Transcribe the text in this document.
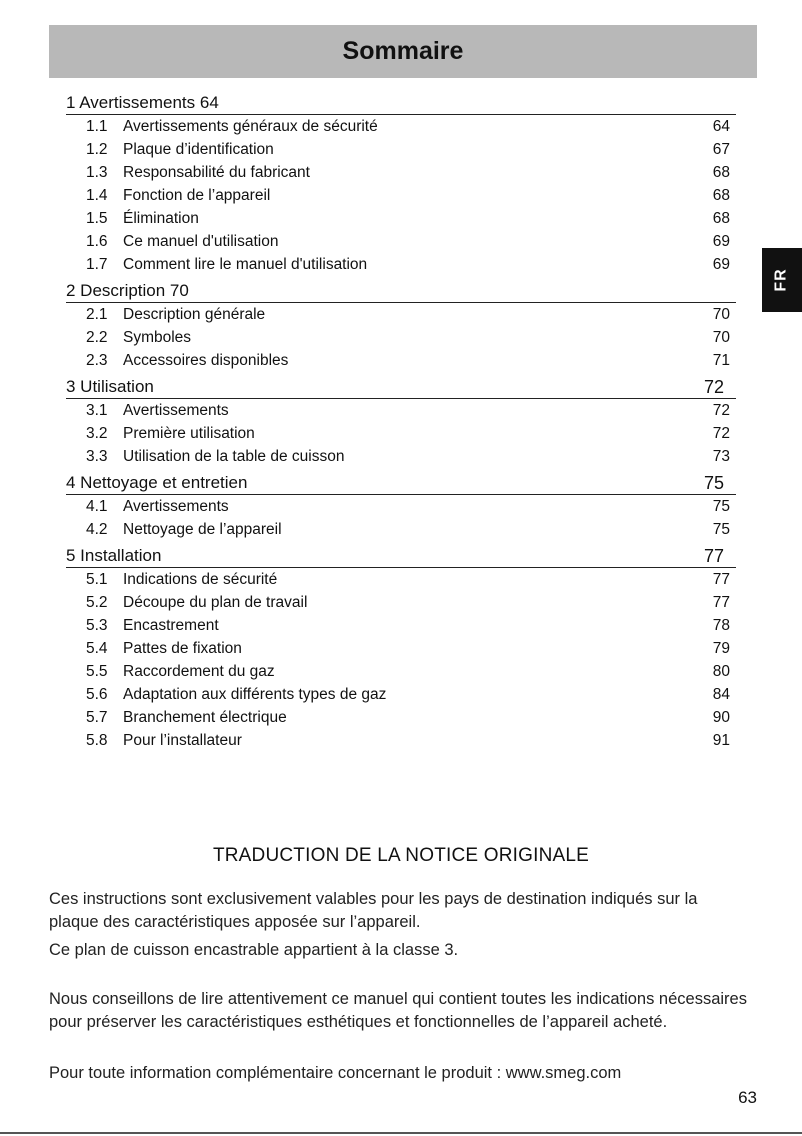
Sommaire
FR
1 Avertissements 64
1.1 Avertissements généraux de sécurité	64
1.2 Plaque d’identification	67
1.3 Responsabilité du fabricant	68
1.4 Fonction de l’appareil	68
1.5 Élimination	68
1.6 Ce manuel d'utilisation	69
1.7 Comment lire le manuel d'utilisation	69
2 Description 70
2.1 Description générale	70
2.2 Symboles	70
2.3 Accessoires disponibles	71
3 Utilisation	72
3.1 Avertissements	72
3.2 Première utilisation	72
3.3 Utilisation de la table de cuisson	73
4 Nettoyage et entretien	75
4.1 Avertissements	75
4.2 Nettoyage de l’appareil	75
5 Installation	77
5.1 Indications de sécurité	77
5.2 Découpe du plan de travail	77
5.3 Encastrement	78
5.4 Pattes de fixation	79
5.5 Raccordement du gaz	80
5.6 Adaptation aux différents types de gaz	84
5.7 Branchement électrique	90
5.8 Pour l’installateur	91
TRADUCTION DE LA NOTICE ORIGINALE

Ces instructions sont exclusivement valables pour les pays de destination indiqués sur la plaque des caractéristiques apposée sur l’appareil.

Ce plan de cuisson encastrable appartient à la classe 3.

Nous conseillons de lire attentivement ce manuel qui contient toutes les indications nécessaires pour préserver les caractéristiques esthétiques et fonctionnelles de l’appareil acheté.

Pour toute information complémentaire concernant le produit : www.smeg.com

63
